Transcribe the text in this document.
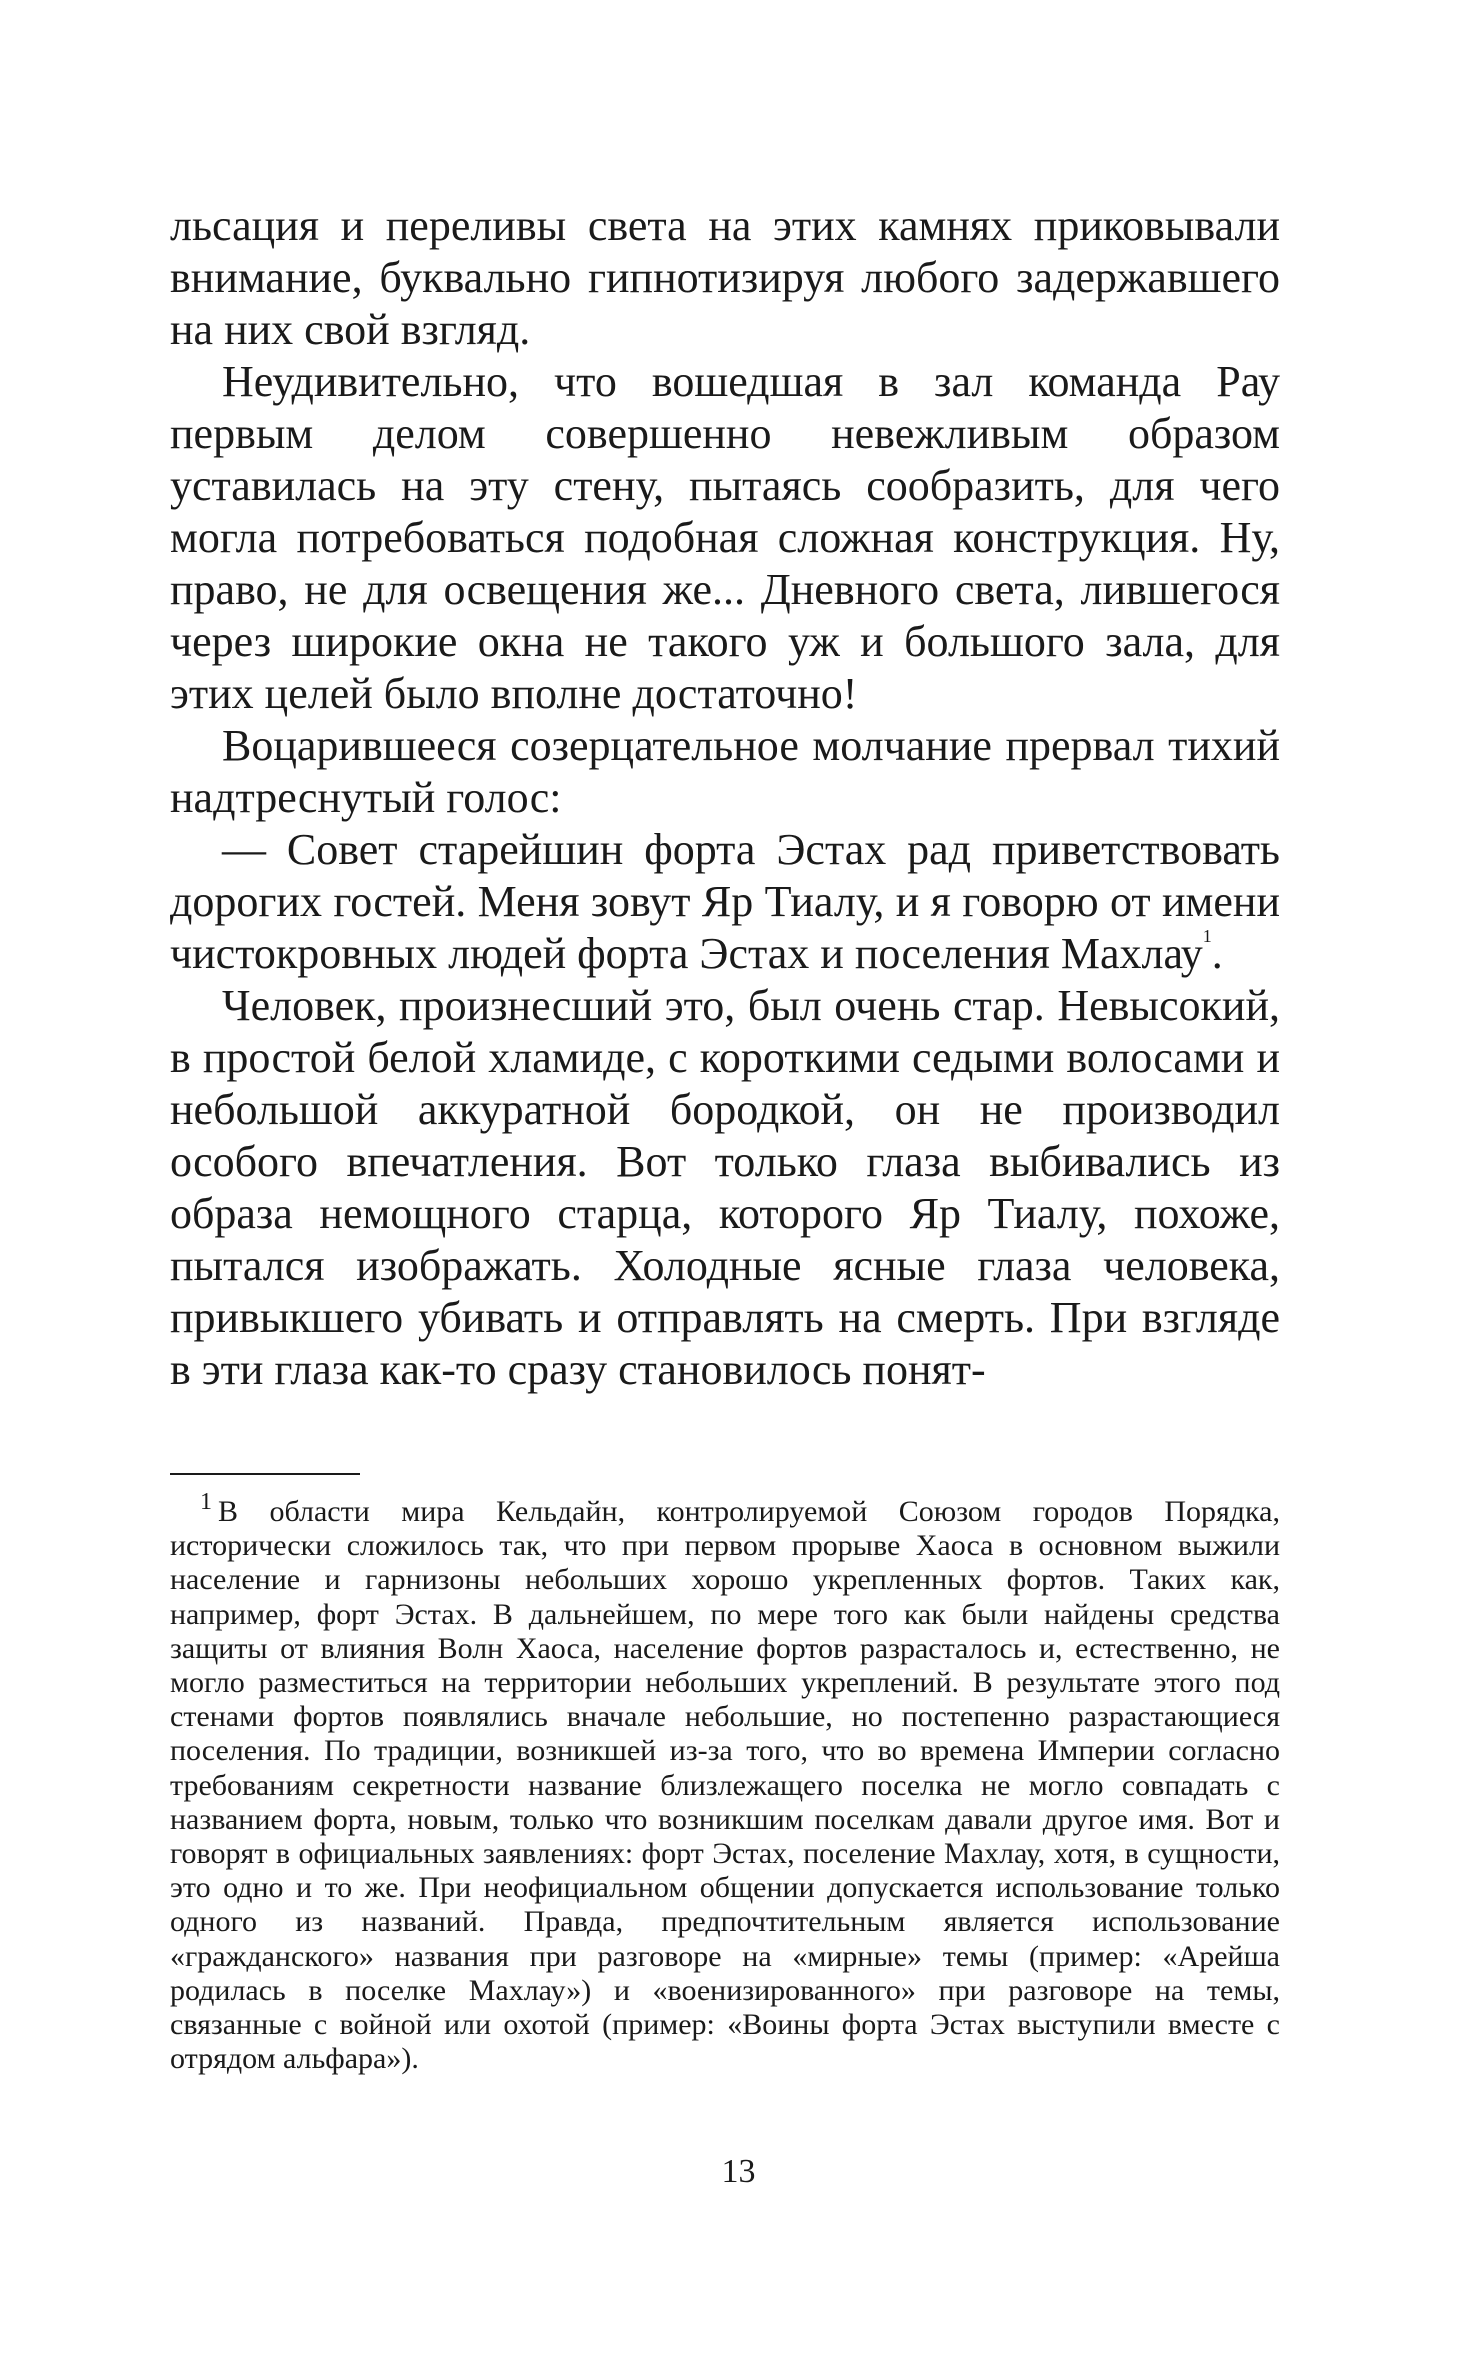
льсация и переливы света на этих камнях приковывали внимание, буквально гипнотизируя любого задержавшего на них свой взгляд.

Неудивительно, что вошедшая в зал команда Рау первым делом совершенно невежливым образом уставилась на эту стену, пытаясь сообразить, для чего могла потребоваться подобная сложная конструкция. Ну, право, не для освещения же... Дневного света, лившегося через широкие окна не такого уж и большого зала, для этих целей было вполне достаточно!

Воцарившееся созерцательное молчание прервал тихий надтреснутый голос:

— Совет старейшин форта Эстах рад приветствовать дорогих гостей. Меня зовут Яр Тиалу, и я говорю от имени чистокровных людей форта Эстах и поселения Махлау$^1$.

Человек, произнесший это, был очень стар. Невысокий, в простой белой хламиде, с короткими седыми волосами и небольшой аккуратной бородкой, он не производил особого впечатления. Вот только глаза выбивались из образа немощного старца, которого Яр Тиалу, похоже, пытался изображать. Холодные ясные глаза человека, привыкшего убивать и отправлять на смерть. При взгляде в эти глаза как-то сразу становилось понят-

$^1$ В области мира Кельдайн, контролируемой Союзом городов Порядка, исторически сложилось так, что при первом прорыве Хаоса в основном выжили население и гарнизоны небольших хорошо укрепленных фортов. Таких как, например, форт Эстах. В дальнейшем, по мере того как были найдены средства защиты от влияния Волн Хаоса, население фортов разрасталось и, естественно, не могло разместиться на территории небольших укреплений. В результате этого под стенами фортов появлялись вначале небольшие, но постепенно разрастающиеся поселения. По традиции, возникшей из-за того, что во времена Империи согласно требованиям секретности название близлежащего поселка не могло совпадать с названием форта, новым, только что возникшим поселкам давали другое имя. Вот и говорят в официальных заявлениях: форт Эстах, поселение Махлау, хотя, в сущности, это одно и то же. При неофициальном общении допускается использование только одного из названий. Правда, предпочтительным является использование «гражданского» названия при разговоре на «мирные» темы (пример: «Арейша родилась в поселке Махлау») и «военизированного» при разговоре на темы, связанные с войной или охотой (пример: «Воины форта Эстах выступили вместе с отрядом альфара»).

13
